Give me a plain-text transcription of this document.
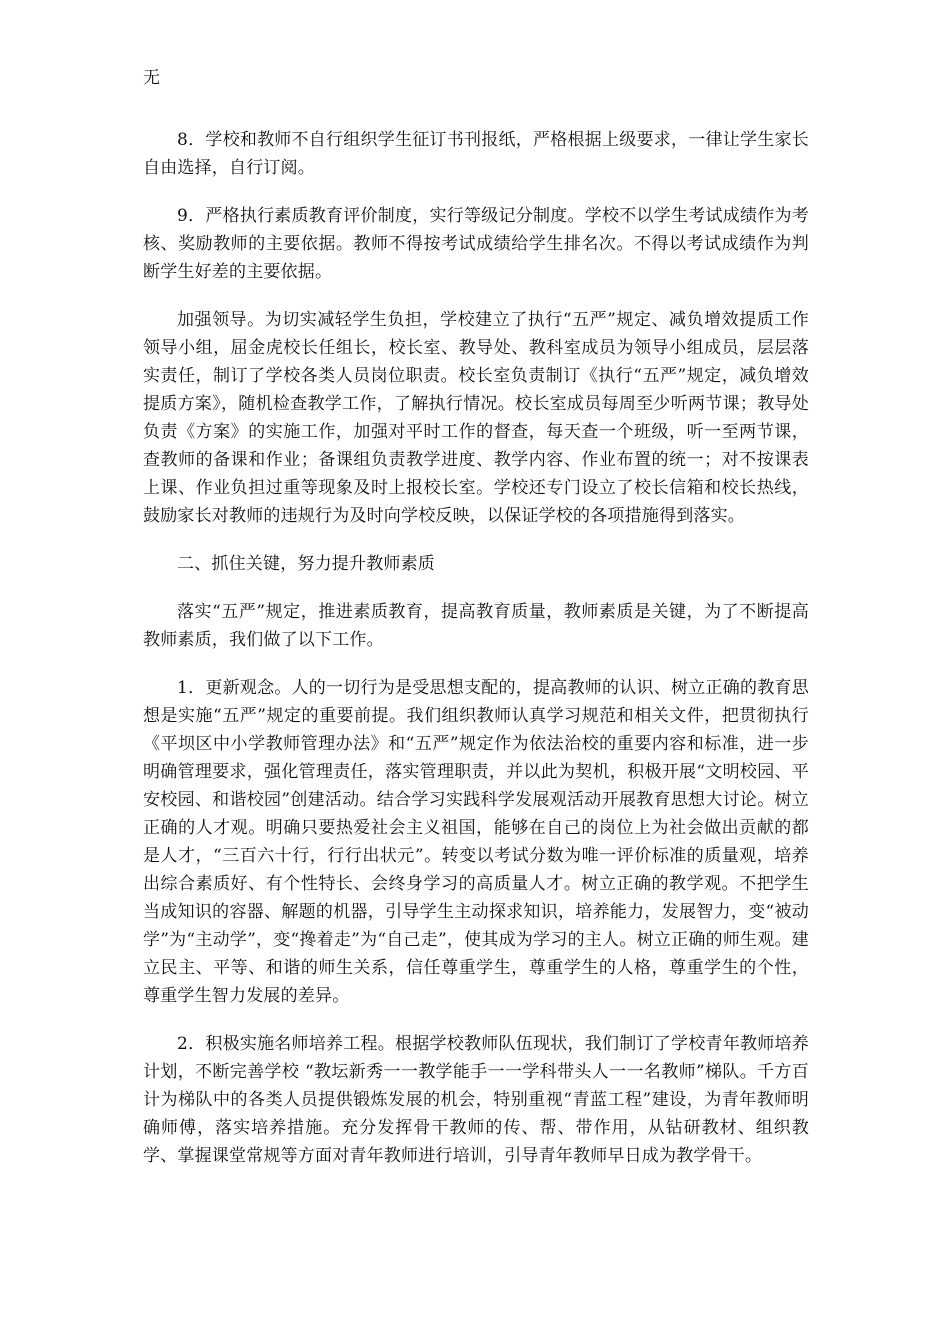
无

8．学校和教师不自行组织学生征订书刊报纸，严格根据上级要求，一律让学生家长自由选择，自行订阅。

9．严格执行素质教育评价制度，实行等级记分制度。学校不以学生考试成绩作为考核、奖励教师的主要依据。教师不得按考试成绩给学生排名次。不得以考试成绩作为判断学生好差的主要依据。

加强领导。为切实减轻学生负担，学校建立了执行“五严”规定、减负增效提质工作领导小组，屈金虎校长任组长，校长室、教导处、教科室成员为领导小组成员，层层落实责任，制订了学校各类人员岗位职责。校长室负责制订《执行“五严”规定，减负增效提质方案》，随机检查教学工作，了解执行情况。校长室成员每周至少听两节课；教导处负责《方案》的实施工作，加强对平时工作的督查，每天查一个班级，听一至两节课，查教师的备课和作业；备课组负责教学进度、教学内容、作业布置的统一；对不按课表上课、作业负担过重等现象及时上报校长室。学校还专门设立了校长信箱和校长热线，鼓励家长对教师的违规行为及时向学校反映，以保证学校的各项措施得到落实。

二、抓住关键，努力提升教师素质

落实“五严”规定，推进素质教育，提高教育质量，教师素质是关键，为了不断提高教师素质，我们做了以下工作。

1．更新观念。人的一切行为是受思想支配的，提高教师的认识、树立正确的教育思想是实施“五严”规定的重要前提。我们组织教师认真学习规范和相关文件，把贯彻执行《平坝区中小学教师管理办法》和“五严”规定作为依法治校的重要内容和标准，进一步明确管理要求，强化管理责任，落实管理职责，并以此为契机，积极开展“文明校园、平安校园、和谐校园”创建活动。结合学习实践科学发展观活动开展教育思想大讨论。树立正确的人才观。明确只要热爱社会主义祖国，能够在自己的岗位上为社会做出贡献的都是人才，“三百六十行，行行出状元”。转变以考试分数为唯一评价标准的质量观，培养出综合素质好、有个性特长、会终身学习的高质量人才。树立正确的教学观。不把学生当成知识的容器、解题的机器，引导学生主动探求知识，培养能力，发展智力，变“被动学”为“主动学”，变“搀着走”为“自己走”，使其成为学习的主人。树立正确的师生观。建立民主、平等、和谐的师生关系，信任尊重学生，尊重学生的人格，尊重学生的个性，尊重学生智力发展的差异。

2．积极实施名师培养工程。根据学校教师队伍现状，我们制订了学校青年教师培养计划，不断完善学校 “教坛新秀一一教学能手一一学科带头人一一名教师”梯队。千方百计为梯队中的各类人员提供锻炼发展的机会，特别重视“青蓝工程”建设，为青年教师明确师傅，落实培养措施。充分发挥骨干教师的传、帮、带作用，从钻研教材、组织教学、掌握课堂常规等方面对青年教师进行培训，引导青年教师早日成为教学骨干。
